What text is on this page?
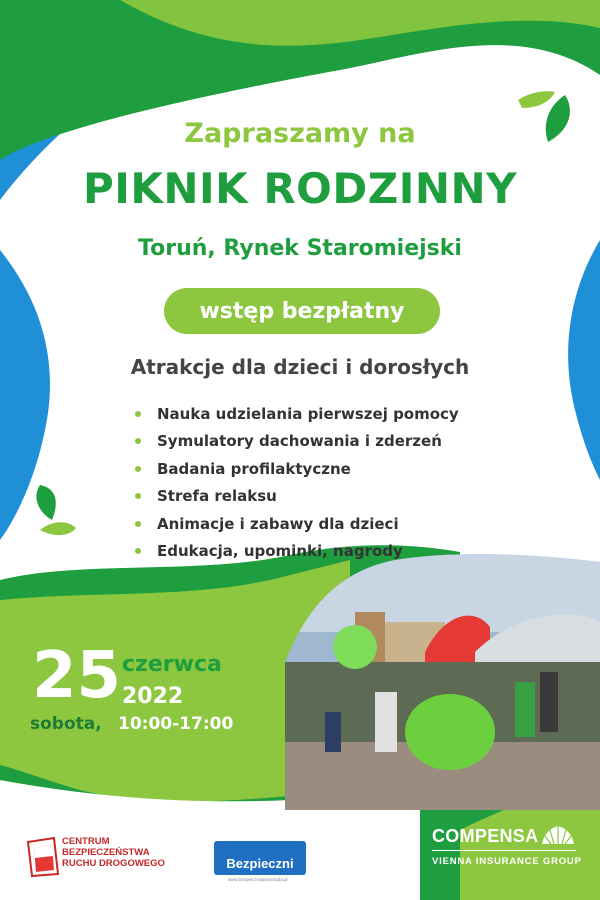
Zapraszamy na
PIKNIK RODZINNY
Toruń, Rynek Staromiejski
wstęp bezpłatny
Atrakcje dla dzieci i dorosłych
Nauka udzielania pierwszej pomocy
Symulatory dachowania i zderzeń
Badania profilaktyczne
Strefa relaksu
Animacje i zabawy dla dzieci
Edukacja, upominki, nagrody
25 czerwca
2022
sobota, 10:00-17:00
CENTRUM
BEZPIECZEŃSTWA
RUCHU DROGOWEGO	Bezpieczni
www.bezpiecznaautostrada.pl
COMPENSA
VIENNA INSURANCE GROUP
